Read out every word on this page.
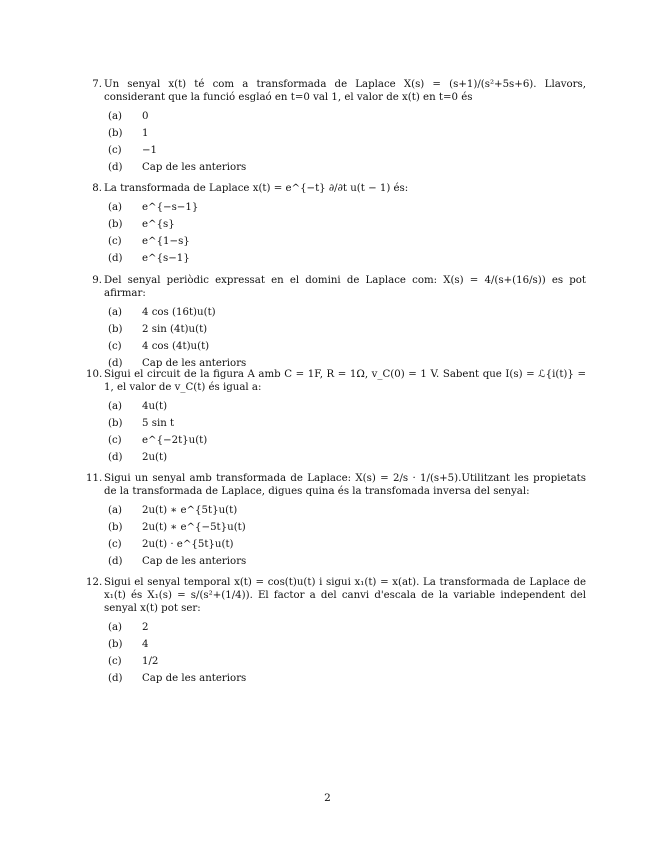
7. Un senyal x(t) té com a transformada de Laplace X(s) = (s+1)/(s²+5s+6). Llavors, considerant que la funció esglaó en t=0 val 1, el valor de x(t) en t=0 és
(a)	0
(b)	1
(c)	−1
(d)	Cap de les anteriors
8. La transformada de Laplace x(t) = e^{−t} ∂/∂t u(t − 1) és:
(a)	e^{−s−1}
(b)	e^{s}
(c)	e^{1−s}
(d)	e^{s−1}
9. Del senyal periòdic expressat en el domini de Laplace com: X(s) = 4/(s+(16/s)) es pot afirmar:
(a)	4 cos (16t)u(t)
(b)	2 sin (4t)u(t)
(c)	4 cos (4t)u(t)
(d)	Cap de les anteriors
10. Sigui el circuit de la figura A amb C = 1F, R = 1Ω, v_C(0) = 1 V. Sabent que I(s) = ℒ{i(t)} = 1, el valor de v_C(t) és igual a:
(a)	4u(t)
(b)	5 sin t
(c)	e^{−2t}u(t)
(d)	2u(t)
11. Sigui un senyal amb transformada de Laplace: X(s) = 2/s · 1/(s+5).Utilitzant les propietats de la transformada de Laplace, digues quina és la transfomada inversa del senyal:
(a)	2u(t) ∗ e^{5t}u(t)
(b)	2u(t) ∗ e^{−5t}u(t)
(c)	2u(t) · e^{5t}u(t)
(d)	Cap de les anteriors
12. Sigui el senyal temporal x(t) = cos(t)u(t) i sigui x₁(t) = x(at). La transformada de Laplace de x₁(t) és X₁(s) = s/(s²+(1/4)). El factor a del canvi d'escala de la variable independent del senyal x(t) pot ser:
(a)	2
(b)	4
(c)	1/2
(d)	Cap de les anteriors
2
